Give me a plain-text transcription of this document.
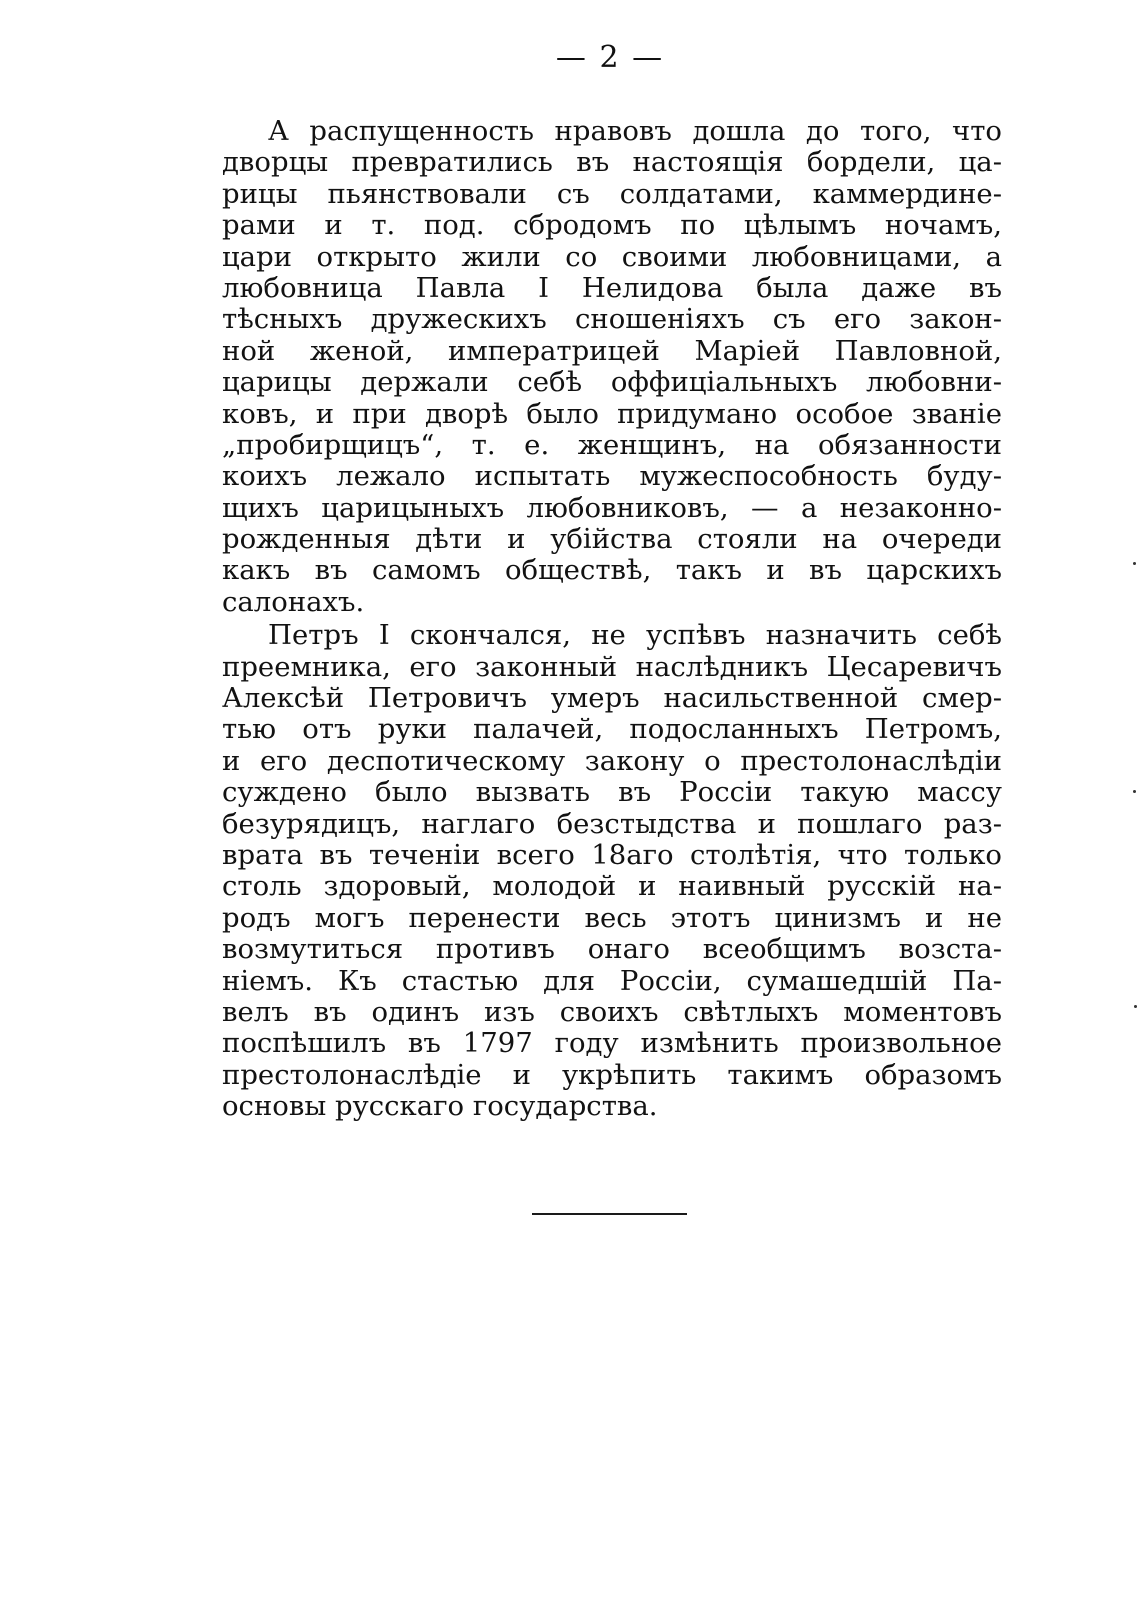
— 2 —
А распущенность нравовъ дошла до того, что
дворцы превратились въ настоящія бордели, ца-
рицы пьянствовали съ солдатами, каммердине-
рами и т. под. сбродомъ по цѣлымъ ночамъ,
цари открыто жили со своими любовницами, а
любовница Павла I Нелидова была даже въ
тѣсныхъ дружескихъ сношеніяхъ съ его закон-
ной женой, императрицей Маріей Павловной,
царицы держали себѣ оффиціальныхъ любовни-
ковъ, и при дворѣ было придумано особое званіе
„пробирщицъ“, т. е. женщинъ, на обязанности
коихъ лежало испытать мужеспособность буду-
щихъ царицыныхъ любовниковъ, — а незаконно-
рожденныя дѣти и убійства стояли на очереди
какъ въ самомъ обществѣ, такъ и въ царскихъ
салонахъ.
Петръ I скончался, не успѣвъ назначить себѣ
преемника, его законный наслѣдникъ Цесаревичъ
Алексѣй Петровичъ умеръ насильственной смер-
тью отъ руки палачей, подосланныхъ Петромъ,
и его деспотическому закону о престолонаслѣдіи
суждено было вызвать въ Россіи такую массу
безурядицъ, наглаго безстыдства и пошлаго раз-
врата въ теченіи всего 18аго столѣтія, что только
столь здоровый, молодой и наивный русскій на-
родъ могъ перенести весь этотъ цинизмъ и не
возмутиться противъ онаго всеобщимъ возста-
ніемъ. Къ стастью для Россіи, сумашедшій Па-
велъ въ одинъ изъ своихъ свѣтлыхъ моментовъ
поспѣшилъ въ 1797 году измѣнить произвольное
престолонаслѣдіе и укрѣпить такимъ образомъ
основы русскаго государства.
